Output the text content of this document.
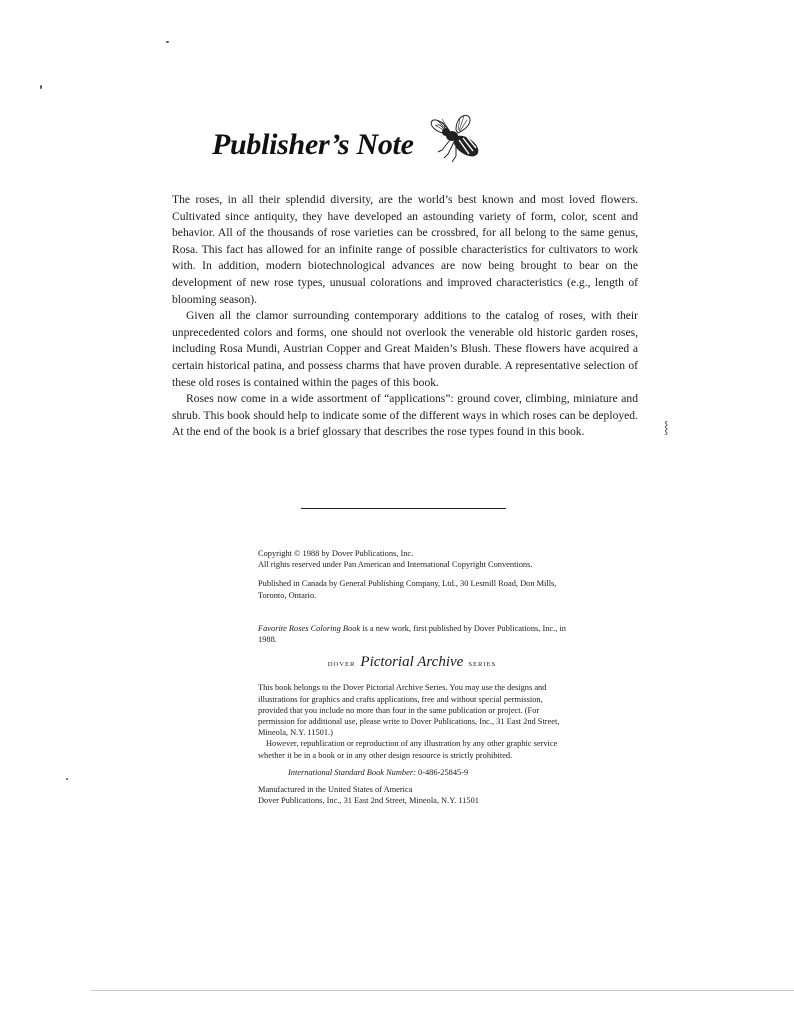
⸾
Publisher’s Note

The roses, in all their splendid diversity, are the world’s best known and most loved flowers. Cultivated since antiquity, they have developed an astounding variety of form, color, scent and behavior. All of the thousands of rose varieties can be crossbred, for all belong to the same genus, Rosa. This fact has allowed for an infinite range of possible characteristics for cultivators to work with. In addition, modern biotechnological advances are now being brought to bear on the development of new rose types, unusual colorations and improved characteristics (e.g., length of blooming season).

Given all the clamor surrounding contemporary additions to the catalog of roses, with their unprecedented colors and forms, one should not overlook the venerable old historic garden roses, including Rosa Mundi, Austrian Copper and Great Maiden’s Blush. These flowers have acquired a certain historical patina, and possess charms that have proven durable. A representative selection of these old roses is contained within the pages of this book.

Roses now come in a wide assortment of “applications”: ground cover, climbing, miniature and shrub. This book should help to indicate some of the different ways in which roses can be deployed. At the end of the book is a brief glossary that describes the rose types found in this book.

Copyright © 1988 by Dover Publications, Inc.

All rights reserved under Pan American and International Copyright Conventions.

Published in Canada by General Publishing Company, Ltd., 30 Lesmill Road, Don Mills, Toronto, Ontario.

Favorite Roses Coloring Book is a new work, first published by Dover Publications, Inc., in 1988.

DOVER Pictorial Archive SERIES

This book belongs to the Dover Pictorial Archive Series. You may use the designs and illustrations for graphics and crafts applications, free and without special permission, provided that you include no more than four in the same publication or project. (For permission for additional use, please write to Dover Publications, Inc., 31 East 2nd Street, Mineola, N.Y. 11501.)

However, republication or reproduction of any illustration by any other graphic service whether it be in a book or in any other design resource is strictly prohibited.

International Standard Book Number: 0-486-25845-9

Manufactured in the United States of America

Dover Publications, Inc., 31 East 2nd Street, Mineola, N.Y. 11501
